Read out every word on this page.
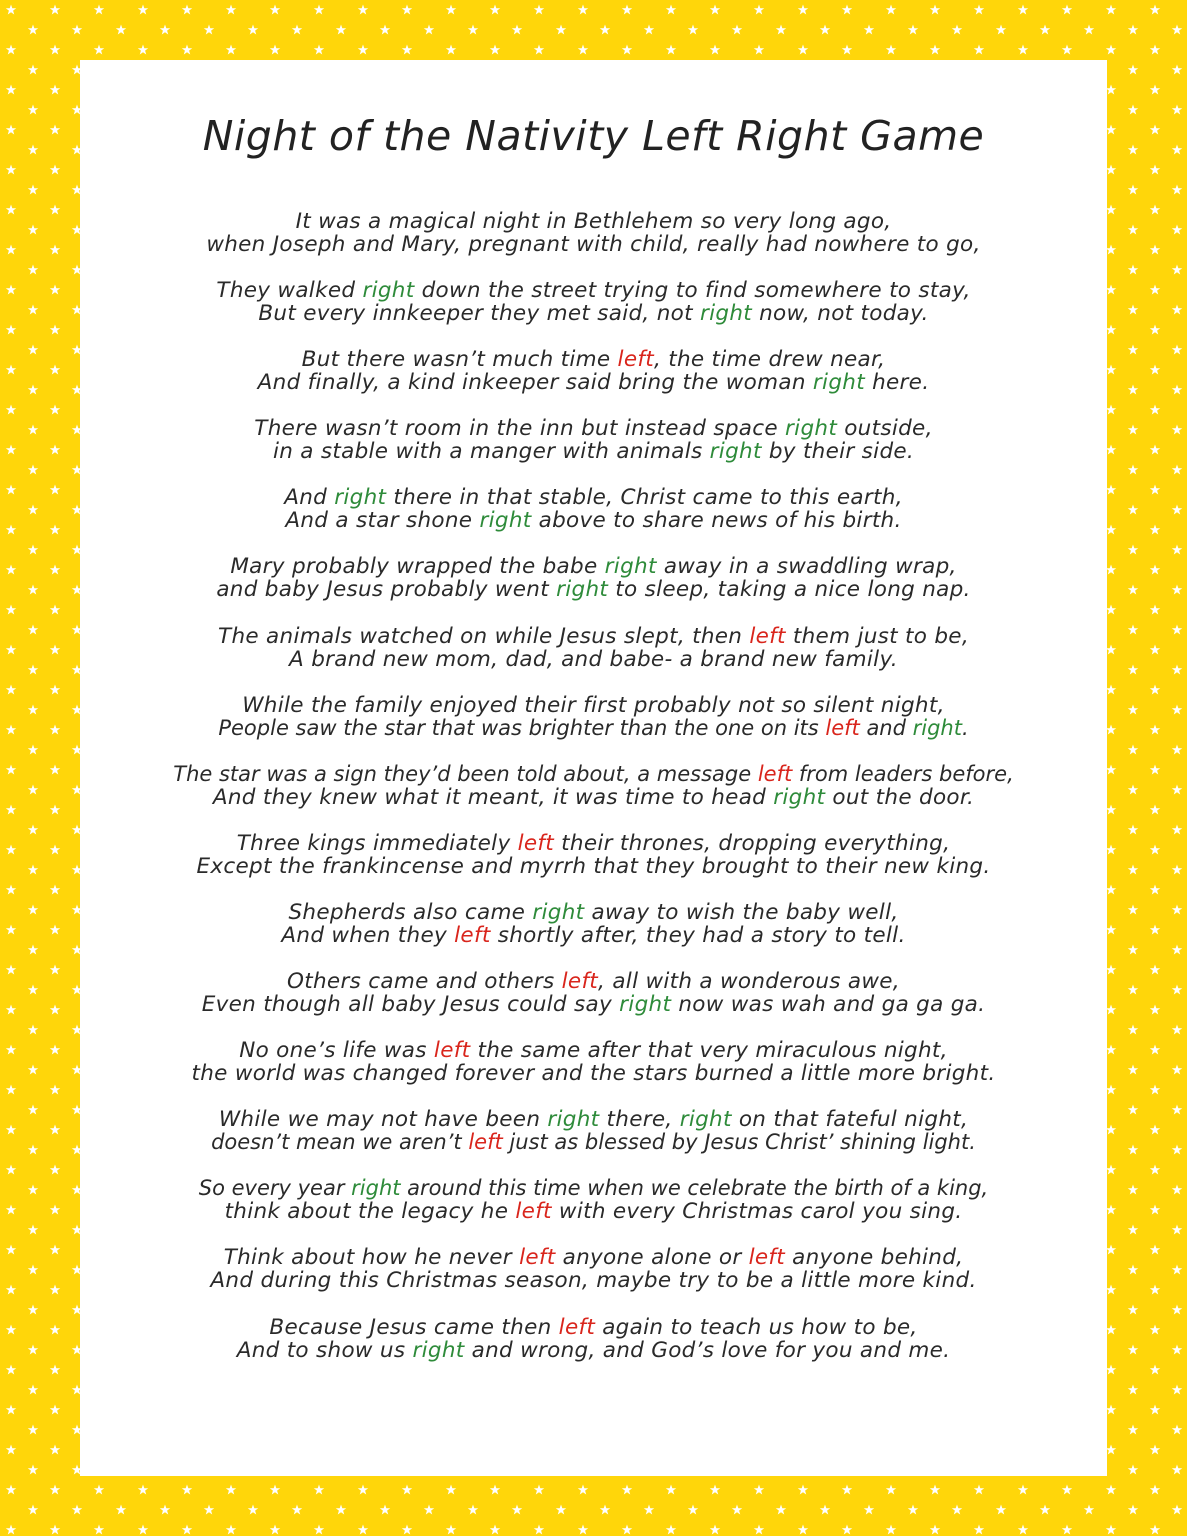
Night of the Nativity Left Right Game
It was a magical night in Bethlehem so very long ago,
when Joseph and Mary, pregnant with child, really had nowhere to go,
They walked right down the street trying to find somewhere to stay,
But every innkeeper they met said, not right now, not today.
But there wasn’t much time left, the time drew near,
And finally, a kind inkeeper said bring the woman right here.
There wasn’t room in the inn but instead space right outside,
in a stable with a manger with animals right by their side.
And right there in that stable, Christ came to this earth,
And a star shone right above to share news of his birth.
Mary probably wrapped the babe right away in a swaddling wrap,
and baby Jesus probably went right to sleep, taking a nice long nap.
The animals watched on while Jesus slept, then left them just to be,
A brand new mom, dad, and babe- a brand new family.
While the family enjoyed their first probably not so silent night,
People saw the star that was brighter than the one on its left and right.
The star was a sign they’d been told about, a message left from leaders before,
And they knew what it meant, it was time to head right out the door.
Three kings immediately left their thrones, dropping everything,
Except the frankincense and myrrh that they brought to their new king.
Shepherds also came right away to wish the baby well,
And when they left shortly after, they had a story to tell.
Others came and others left, all with a wonderous awe,
Even though all baby Jesus could say right now was wah and ga ga ga.
No one’s life was left the same after that very miraculous night,
the world was changed forever and the stars burned a little more bright.
While we may not have been right there, right on that fateful night,
doesn’t mean we aren’t left just as blessed by Jesus Christ’ shining light.
So every year right around this time when we celebrate the birth of a king,
think about the legacy he left with every Christmas carol you sing.
Think about how he never left anyone alone or left anyone behind,
And during this Christmas season, maybe try to be a little more kind.
Because Jesus came then left again to teach us how to be,
And to show us right and wrong, and God’s love for you and me.
